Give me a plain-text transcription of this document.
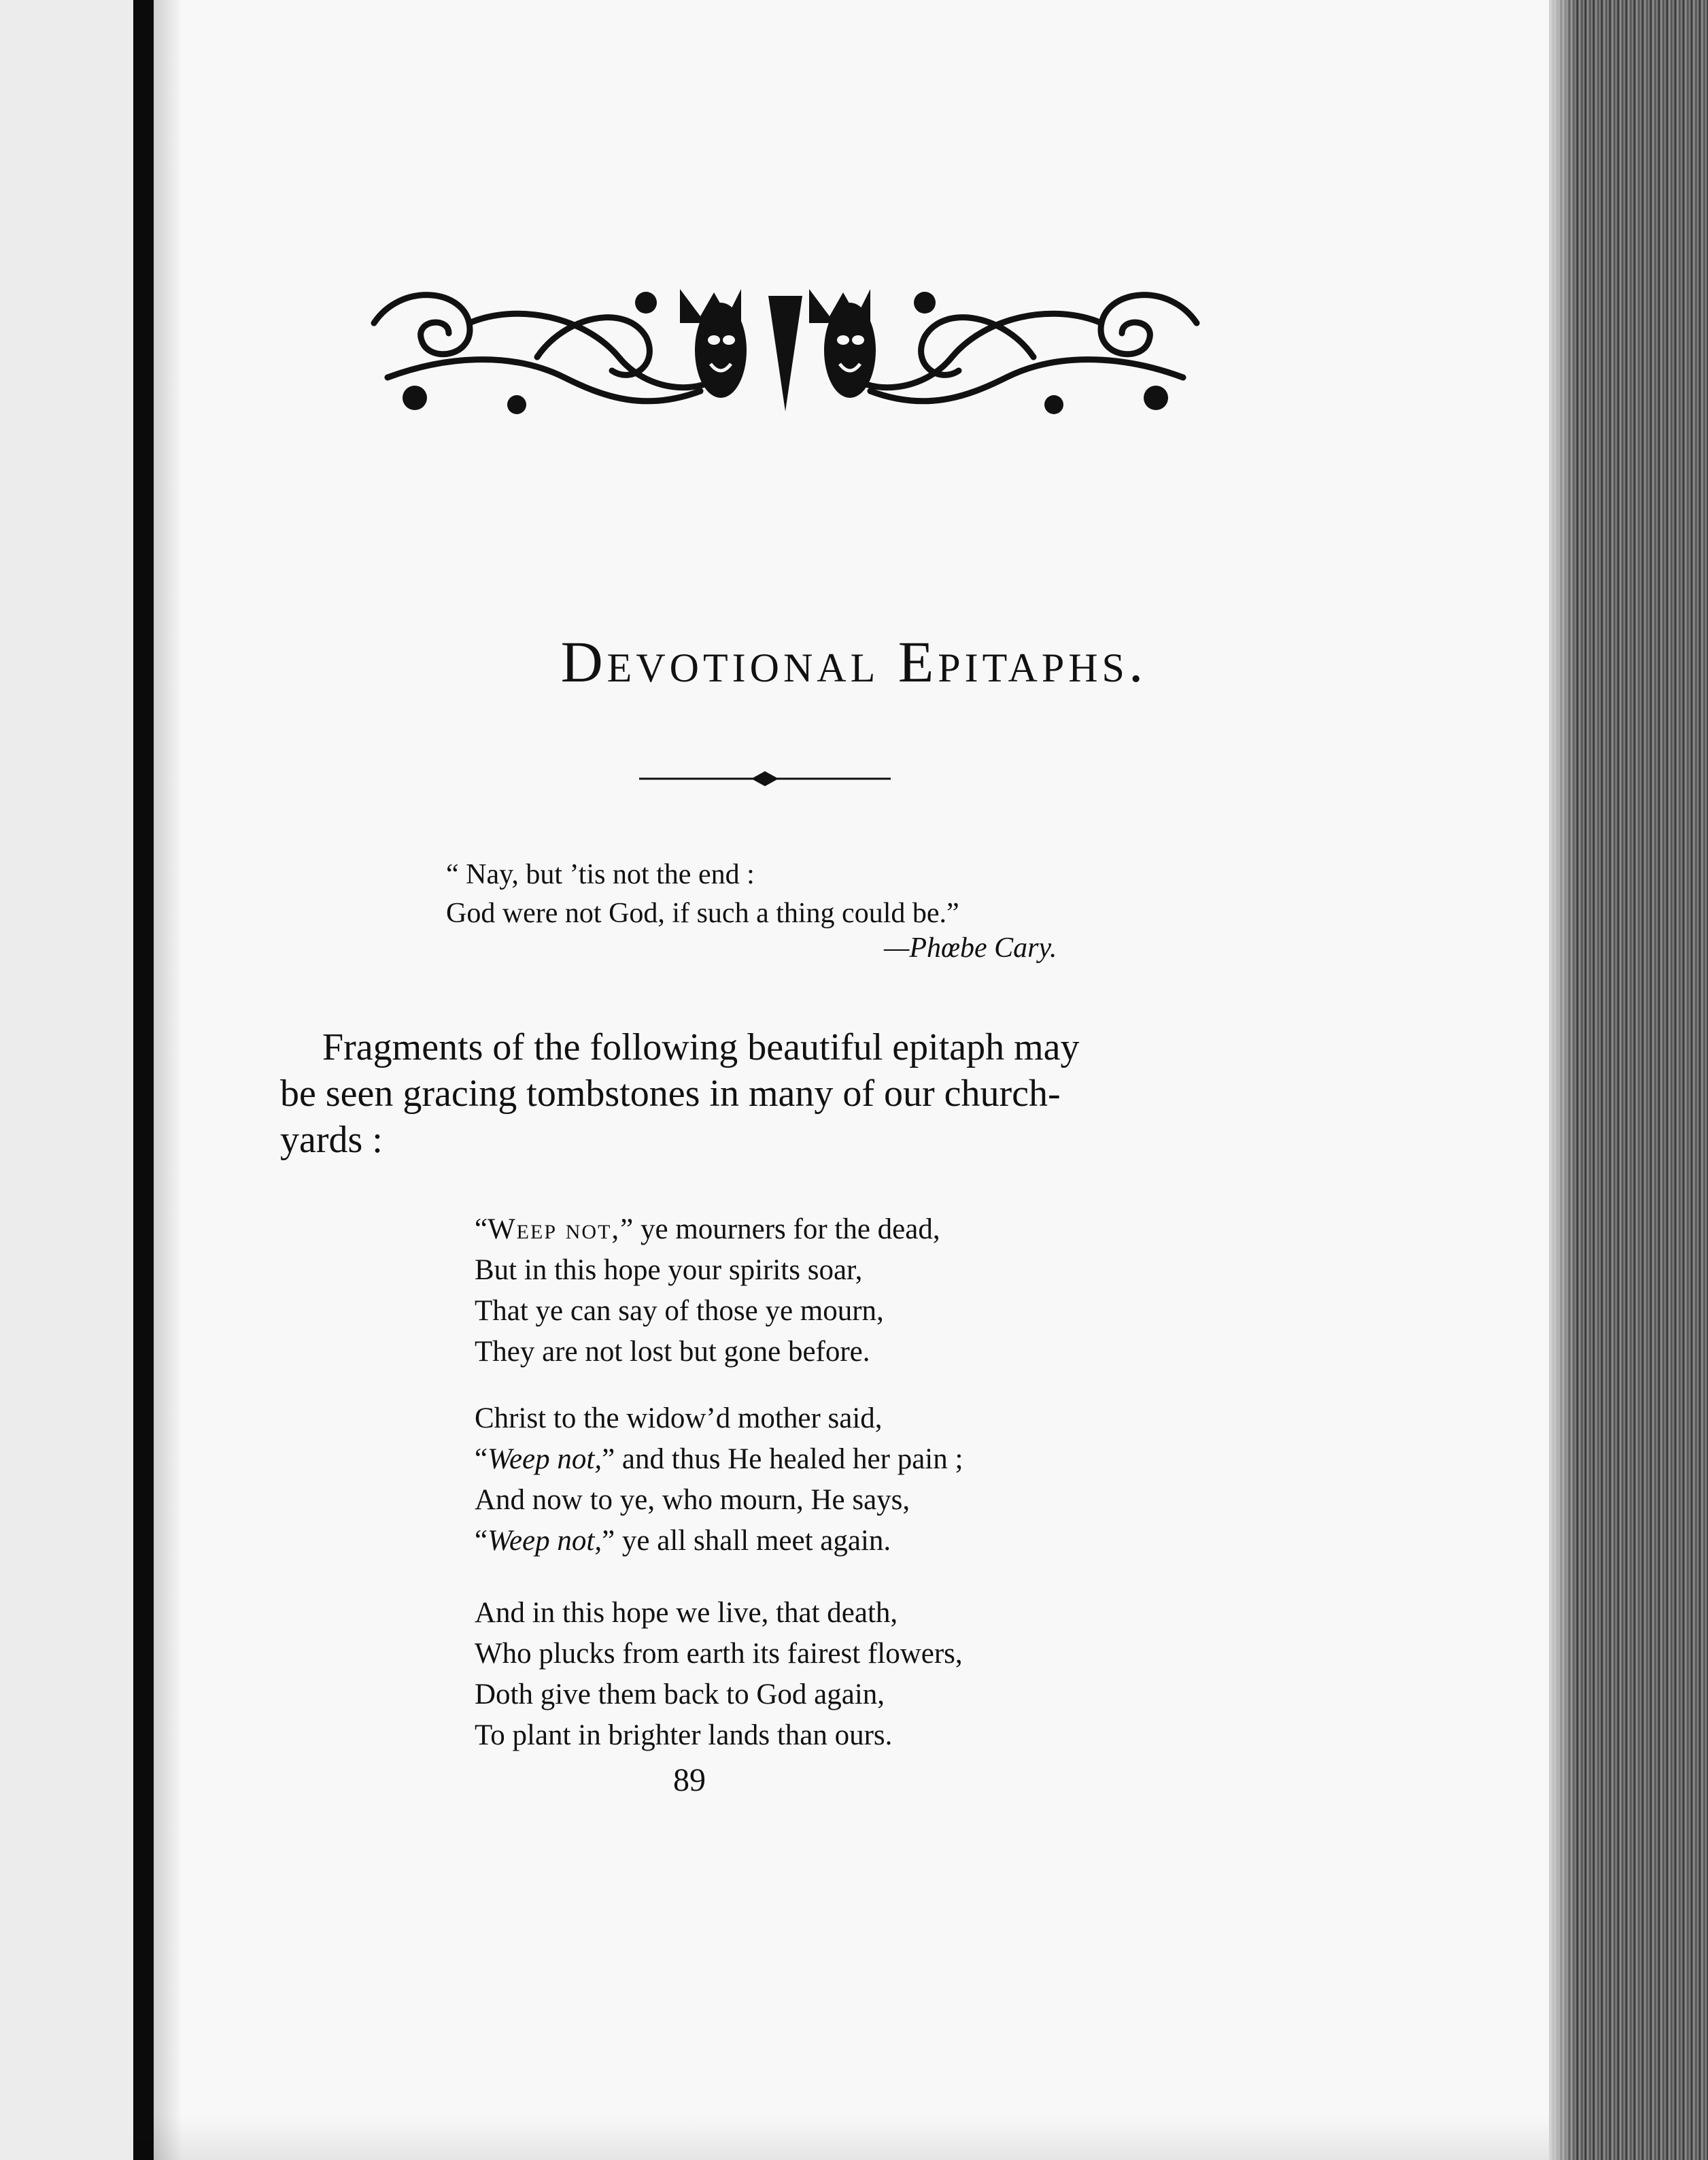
Devotional Epitaphs.
“ Nay, but ’tis not the end :
God were not God, if such a thing could be.”
—Phœbe Cary.
Fragments of the following beautiful epitaph may
be seen gracing tombstones in many of our church-
yards :
“Weep not,” ye mourners for the dead,
But in this hope your spirits soar,
That ye can say of those ye mourn,
They are not lost but gone before.
Christ to the widow’d mother said,
“Weep not,” and thus He healed her pain ;
And now to ye, who mourn, He says,
“Weep not,” ye all shall meet again.
And in this hope we live, that death,
Who plucks from earth its fairest flowers,
Doth give them back to God again,
To plant in brighter lands than ours.
89
